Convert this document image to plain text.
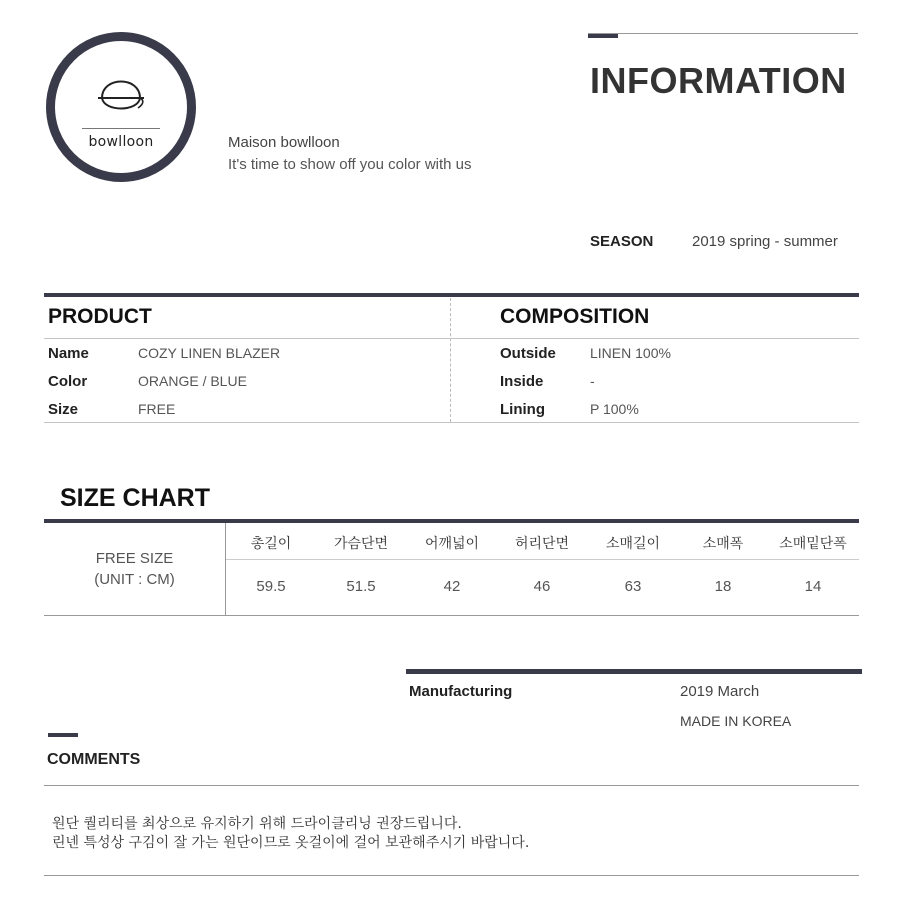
bowlloon	Maison bowlloon
It's time to show off you color with us
INFORMATION
SEASON	2019 spring - summer
PRODUCT	COMPOSITION
Name	COZY LINEN BLAZER
Color	ORANGE / BLUE
Size	FREE
Outside LINEN 100%
Inside	-
Lining	P 100%
SIZE CHART
FREE SIZE
(UNIT : CM)
총길이	가슴단면	어깨넓이	허리단면	소매길이	소매폭	소매밑단폭
59.5	51.5	42	46	63	18	14
Manufacturing	2019 March
MADE IN KOREA
COMMENTS
원단 퀄리티를 최상으로 유지하기 위해 드라이클리닝 권장드립니다.
린넨 특성상 구김이 잘 가는 원단이므로 옷걸이에 걸어 보관해주시기 바랍니다.
